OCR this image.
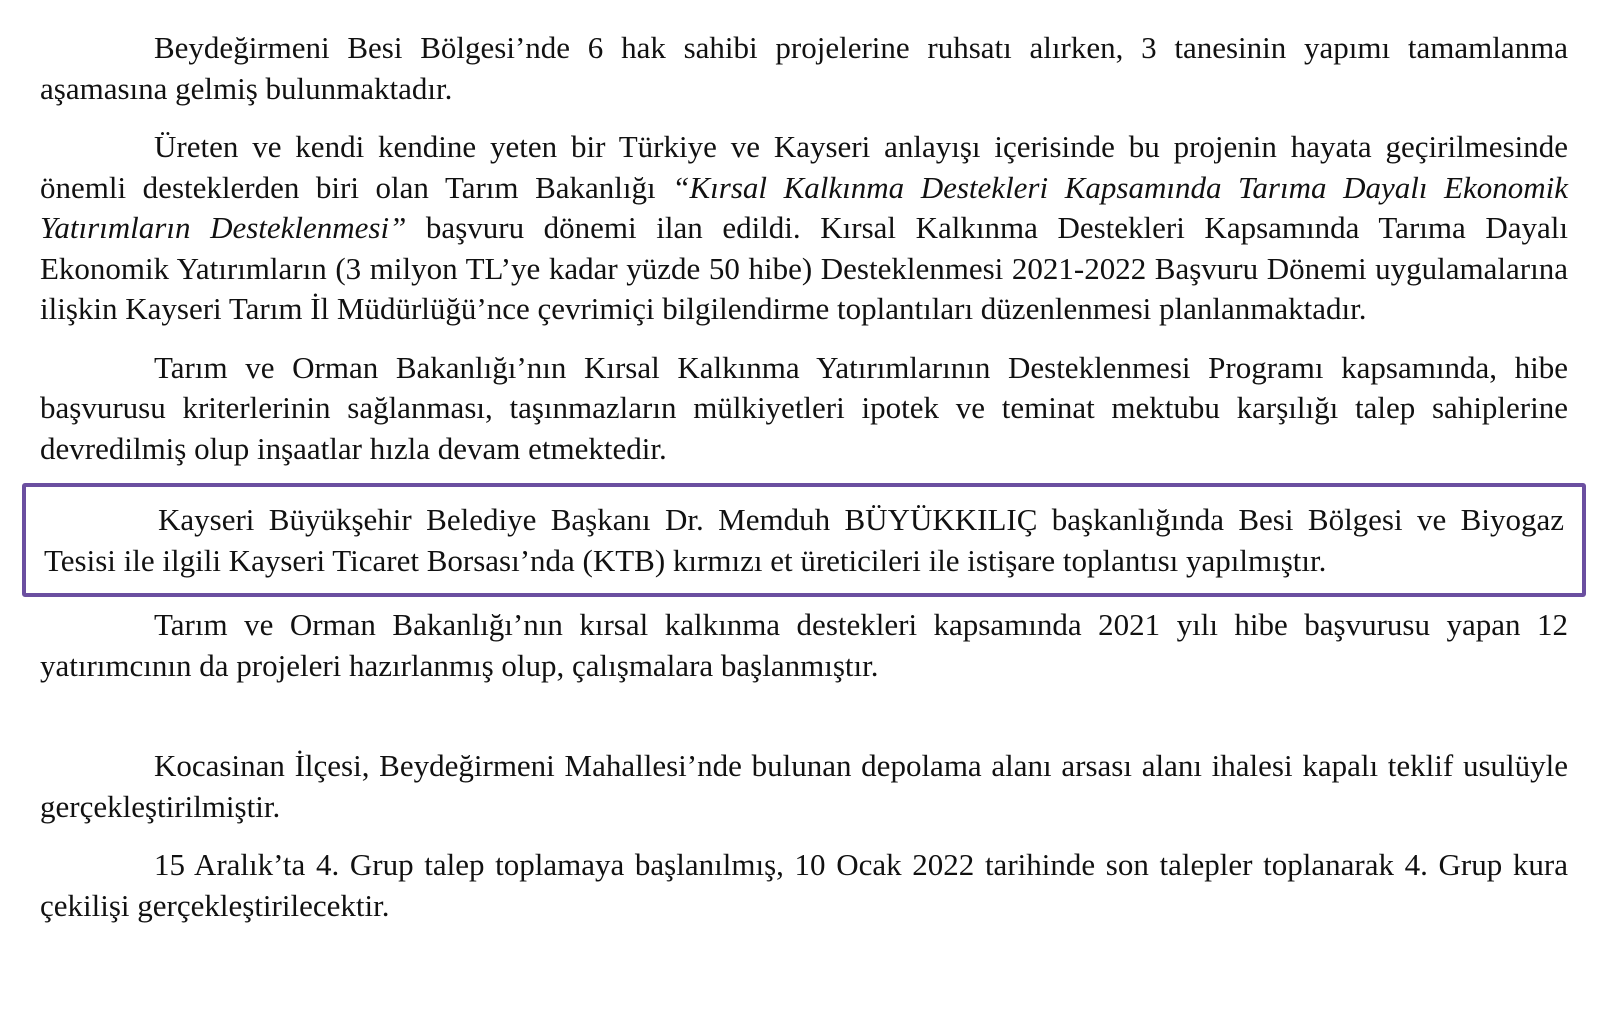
Beydeğirmeni Besi Bölgesi’nde 6 hak sahibi projelerine ruhsatı alırken, 3 tanesinin yapımı tamamlanma aşamasına gelmiş bulunmaktadır.

Üreten ve kendi kendine yeten bir Türkiye ve Kayseri anlayışı içerisinde bu projenin hayata geçirilmesinde önemli desteklerden biri olan Tarım Bakanlığı “Kırsal Kalkınma Destekleri Kapsamında Tarıma Dayalı Ekonomik Yatırımların Desteklenmesi” başvuru dönemi ilan edildi. Kırsal Kalkınma Destekleri Kapsamında Tarıma Dayalı Ekonomik Yatırımların (3 milyon TL’ye kadar yüzde 50 hibe) Desteklenmesi 2021-2022 Başvuru Dönemi uygulamalarına ilişkin Kayseri Tarım İl Müdürlüğü’nce çevrimiçi bilgilendirme toplantıları düzenlenmesi planlanmaktadır.

Tarım ve Orman Bakanlığı’nın Kırsal Kalkınma Yatırımlarının Desteklenmesi Programı kapsamında, hibe başvurusu kriterlerinin sağlanması, taşınmazların mülkiyetleri ipotek ve teminat mektubu karşılığı talep sahiplerine devredilmiş olup inşaatlar hızla devam etmektedir.

Kayseri Büyükşehir Belediye Başkanı Dr. Memduh BÜYÜKKILIÇ başkanlığında Besi Bölgesi ve Biyogaz Tesisi ile ilgili Kayseri Ticaret Borsası’nda (KTB) kırmızı et üreticileri ile istişare toplantısı yapılmıştır.

Tarım ve Orman Bakanlığı’nın kırsal kalkınma destekleri kapsamında 2021 yılı hibe başvurusu yapan 12 yatırımcının da projeleri hazırlanmış olup, çalışmalara başlanmıştır.

Kocasinan İlçesi, Beydeğirmeni Mahallesi’nde bulunan depolama alanı arsası alanı ihalesi kapalı teklif usulüyle gerçekleştirilmiştir.

15 Aralık’ta 4. Grup talep toplamaya başlanılmış, 10 Ocak 2022 tarihinde son talepler toplanarak 4. Grup kura çekilişi gerçekleştirilecektir.
